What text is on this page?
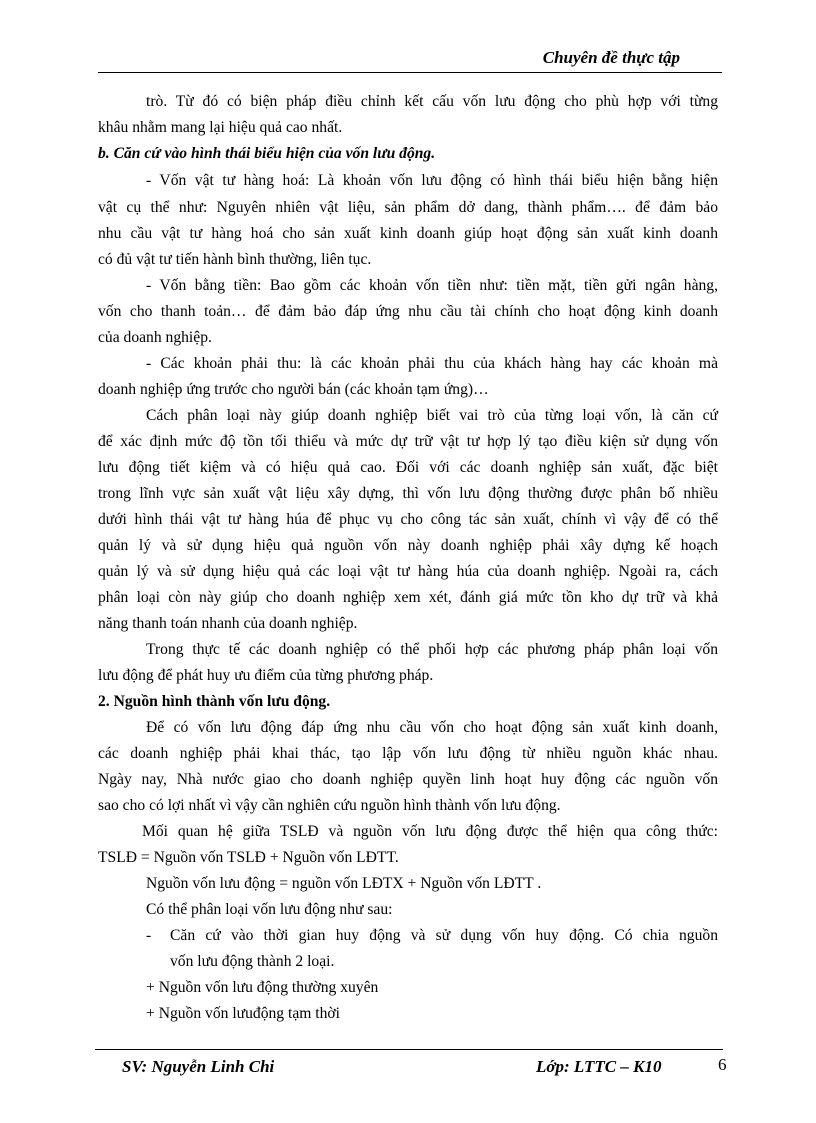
Chuyên đề thực tập
trò. Từ đó có biện pháp điều chỉnh kết cấu vốn lưu động cho phù hợp với từng
khâu nhằm mang lại hiệu quả cao nhất.
b. Căn cứ vào hình thái biểu hiện của vốn lưu động.
- Vốn vật tư hàng hoá: Là khoản vốn lưu động có hình thái biểu hiện bằng hiện
vật cụ thể như: Nguyên nhiên vật liệu, sản phẩm dở dang, thành phẩm…. để đảm bảo
nhu cầu vật tư hàng hoá cho sản xuất kinh doanh giúp hoạt động sản xuất kinh doanh
có đủ vật tư tiến hành bình thường, liên tục.
- Vốn bằng tiền: Bao gồm các khoản vốn tiền như: tiền mặt, tiền gửi ngân hàng,
vốn cho thanh toản… để đảm bảo đáp ứng nhu cầu tài chính cho hoạt động kinh doanh
của doanh nghiệp.
- Các khoản phải thu: là các khoản phải thu của khách hàng hay các khoản mà
doanh nghiệp ứng trước cho người bán (các khoản tạm ứng)…
Cách phân loại này giúp doanh nghiệp biết vai trò của từng loại vốn, là căn cứ
để xác định mức độ tồn tối thiểu và mức dự trữ vật tư hợp lý tạo điều kiện sử dụng vốn
lưu động tiết kiệm và có hiệu quả cao. Đối với các doanh nghiệp sản xuất, đặc biệt
trong lĩnh vực sản xuất vật liệu xây dựng, thì vốn lưu động thường được phân bố nhiều
dưới hình thái vật tư hàng húa để phục vụ cho công tác sản xuất, chính vì vậy để có thể
quản lý và sử dụng hiệu quả nguồn vốn này doanh nghiệp phải xây dựng kế hoạch
quản lý và sử dụng hiệu quả các loại vật tư hàng húa của doanh nghiệp. Ngoài ra, cách
phân loại còn này giúp cho doanh nghiệp xem xét, đánh giá mức tồn kho dự trữ và khả
năng thanh toán nhanh của doanh nghiệp.
Trong thực tế các doanh nghiệp có thể phối hợp các phương pháp phân loại vốn
lưu động để phát huy ưu điểm của từng phương pháp.
2. Nguồn hình thành vốn lưu động.
Để có vốn lưu động đáp ứng nhu cầu vốn cho hoạt động sản xuất kinh doanh,
các doanh nghiệp phải khai thác, tạo lập vốn lưu động từ nhiều nguồn khác nhau.
Ngày nay, Nhà nước giao cho doanh nghiệp quyền linh hoạt huy động các nguồn vốn
sao cho có lợi nhất vì vậy cần nghiên cứu nguồn hình thành vốn lưu động.
Mối quan hệ giữa TSLĐ và nguồn vốn lưu động được thể hiện qua công thức:
TSLĐ = Nguồn vốn TSLĐ + Nguồn vốn LĐTT.
Nguồn vốn lưu động = nguồn vốn LĐTX + Nguồn vốn LĐTT .
Có thể phân loại vốn lưu động như sau:
- Căn cứ vào thời gian huy động và sử dụng vốn huy động. Có chia nguồn
vốn lưu động thành 2 loại.
+ Nguồn vốn lưu động thường xuyên
+ Nguồn vốn lưuđộng tạm thời
SV: Nguyễn Linh Chi	Lớp: LTTC – K10	6
